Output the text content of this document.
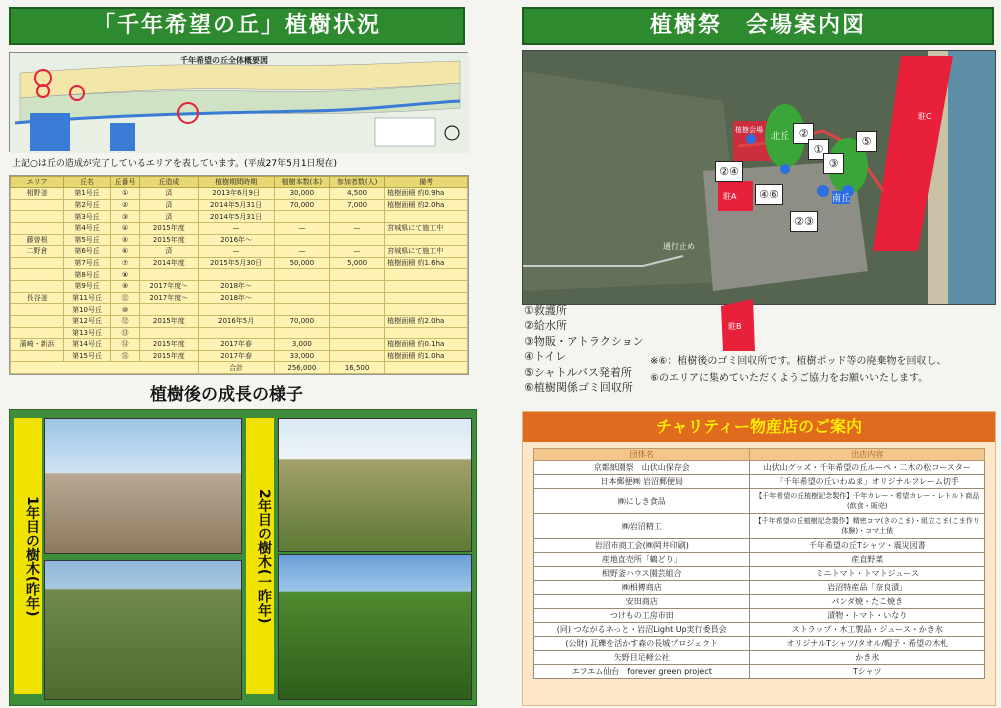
「千年希望の丘」植樹状況
千年希望の丘全体概要図
上記○は丘の造成が完了しているエリアを表しています。(平成27年5月1日現在)
エリア	丘名	丘番号	丘造成	植樹期間時期	植樹本数(本)	参加者数(人)	備考
相野釜	第1号丘	①	済	2013年6月9日	30,000	4,500	植樹面積 約0.9ha
	第2号丘	②	済	2014年5月31日	70,000	7,000	植樹面積 約2.0ha
	第3号丘	③	済	2014年5月31日			
	第4号丘	④	2015年度	—	—	—	宮城県にて施工中
藤曽根	第5号丘	⑤	2015年度	2016年〜			
二野倉	第6号丘	⑥	済	—	—	—	宮城県にて施工中
	第7号丘	⑦	2014年度	2015年5月30日	50,000	5,000	植樹面積 約1.6ha
	第8号丘	⑧					
	第9号丘	⑨	2017年度〜	2018年〜			
長谷釜	第11号丘	⑪	2017年度〜	2018年〜			
	第10号丘	⑩					
	第12号丘	⑫	2015年度	2016年5月	70,000		植樹面積 約2.0ha
	第13号丘	⑬					
蒲崎・新浜	第14号丘	⑭	2015年度	2017年春	3,000		植樹面積 約0.1ha
	第15号丘	⑮	2015年度	2017年春	33,000		植樹面積 約1.0ha
				合計	256,000	16,500	
植樹後の成長の様子
1年目の樹木(昨年)	2年目の樹木(一昨年)
植樹祭　会場案内図
北丘
南丘
駐A
駐B
駐C
植樹会場
通行止め
⑤
②
①
③
②④
④⑥
②③
①救護所
②給水所
③物販・アトラクション
④トイレ
⑤シャトルバス発着所
⑥植樹関係ゴミ回収所
※⑥：植樹後のゴミ回収所です。植樹ポッド等の廃棄物を回収し、
⑥のエリアに集めていただくようご協力をお願いいたします。
チャリティー物産店のご案内
団体名	出店内容
京都紙園祭　山伏山保存会	山伏山グッズ・千年希望の丘ルーペ・二木の松コースター
日本郵便㈱ 岩沼郵便局	「千年希望の丘いわぬま」オリジナルフレーム切手
㈱にしき食品	【千年希望の丘植樹記念製作】千年カレー・希望カレー・レトルト商品(飲食・販売)
㈱岩沼精工	【千年希望の丘植樹記念製作】精密コマ(きのこま)・組立こま(こま作り体験)・コマ土俵
岩沼市商工会(㈱岡井印刷)	千年希望の丘Tシャツ・震災図書
産地直売所「鶴どり」	産直野菜
相野釜ハウス園芸組合	ミニトマト・トマトジュース
㈱相傳商店	岩沼特産品「奈良漬」
安田商店	パンダ焼・たこ焼き
つけもの工房市田	漬物・トマト・いなり
(同) つながるネっと・岩沼Light Up実行委員会	ストラップ・木工製品・ジュース・かき氷
(公財) 瓦礫を活かす森の長城プロジェクト	オリジナルTシャツ/タオル/帽子・希望の木札
矢野目足軽公社	かき氷
エフエム仙台　forever green project	Tシャツ
